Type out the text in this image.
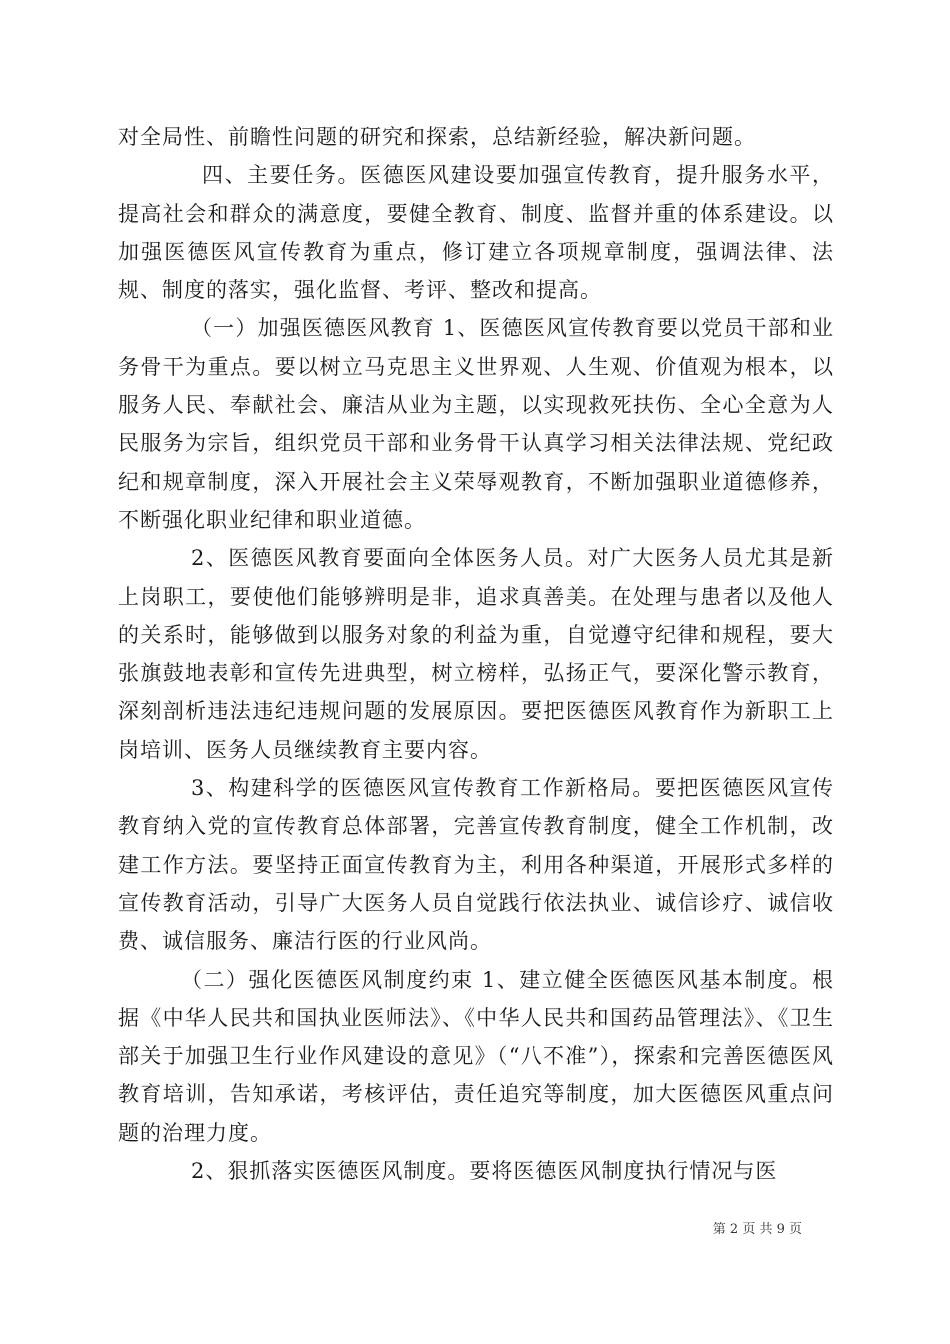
对全局性、前瞻性问题的研究和探索，总结新经验，解决新问题。

四、主要任务。医德医风建设要加强宣传教育，提升服务水平，提高社会和群众的满意度，要健全教育、制度、监督并重的体系建设。以加强医德医风宣传教育为重点，修订建立各项规章制度，强调法律、法规、制度的落实，强化监督、考评、整改和提高。

（一）加强医德医风教育 1、医德医风宣传教育要以党员干部和业务骨干为重点。要以树立马克思主义世界观、人生观、价值观为根本，以服务人民、奉献社会、廉洁从业为主题，以实现救死扶伤、全心全意为人民服务为宗旨，组织党员干部和业务骨干认真学习相关法律法规、党纪政纪和规章制度，深入开展社会主义荣辱观教育，不断加强职业道德修养，不断强化职业纪律和职业道德。

2、医德医风教育要面向全体医务人员。对广大医务人员尤其是新上岗职工，要使他们能够辨明是非，追求真善美。在处理与患者以及他人的关系时，能够做到以服务对象的利益为重，自觉遵守纪律和规程，要大张旗鼓地表彰和宣传先进典型，树立榜样，弘扬正气，要深化警示教育，深刻剖析违法违纪违规问题的发展原因。要把医德医风教育作为新职工上岗培训、医务人员继续教育主要内容。

3、构建科学的医德医风宣传教育工作新格局。要把医德医风宣传教育纳入党的宣传教育总体部署，完善宣传教育制度，健全工作机制，改建工作方法。要坚持正面宣传教育为主，利用各种渠道，开展形式多样的宣传教育活动，引导广大医务人员自觉践行依法执业、诚信诊疗、诚信收费、诚信服务、廉洁行医的行业风尚。

（二）强化医德医风制度约束 1、建立健全医德医风基本制度。根据《中华人民共和国执业医师法》、《中华人民共和国药品管理法》、《卫生部关于加强卫生行业作风建设的意见》（“八不准”），探索和完善医德医风教育培训，告知承诺，考核评估，责任追究等制度，加大医德医风重点问题的治理力度。

2、狠抓落实医德医风制度。要将医德医风制度执行情况与医

第 2 页 共 9 页
